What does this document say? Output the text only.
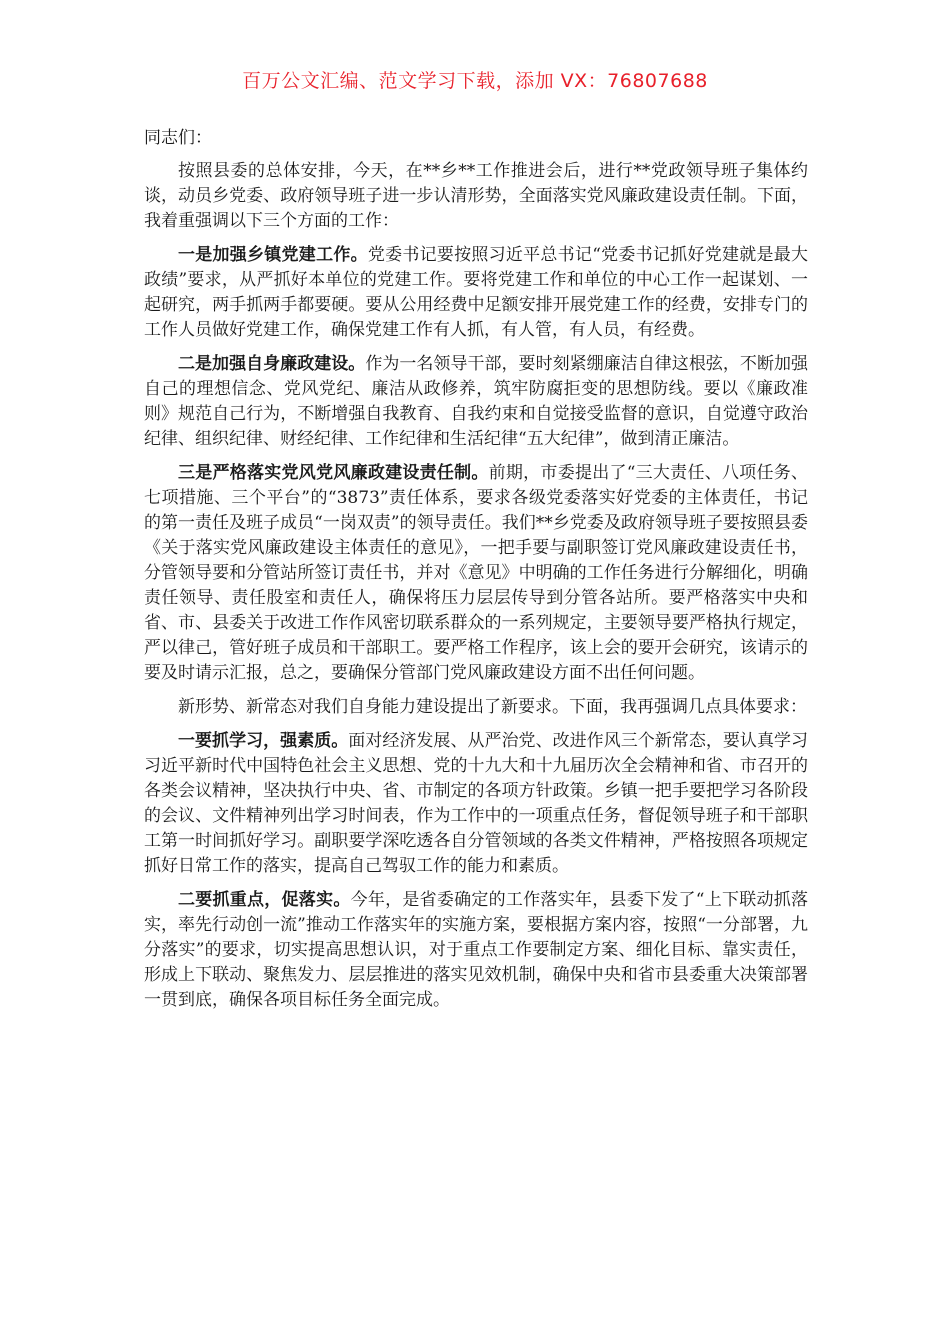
百万公文汇编、范文学习下载，添加 VX：76807688

同志们：

按照县委的总体安排，今天，在**乡**工作推进会后，进行**党政领导班子集体约谈，动员乡党委、政府领导班子进一步认清形势，全面落实党风廉政建设责任制。下面，我着重强调以下三个方面的工作：

一是加强乡镇党建工作。党委书记要按照习近平总书记“党委书记抓好党建就是最大政绩”要求，从严抓好本单位的党建工作。要将党建工作和单位的中心工作一起谋划、一起研究，两手抓两手都要硬。要从公用经费中足额安排开展党建工作的经费，安排专门的工作人员做好党建工作，确保党建工作有人抓，有人管，有人员，有经费。

二是加强自身廉政建设。作为一名领导干部，要时刻紧绷廉洁自律这根弦，不断加强自己的理想信念、党风党纪、廉洁从政修养，筑牢防腐拒变的思想防线。要以《廉政准则》规范自己行为，不断增强自我教育、自我约束和自觉接受监督的意识，自觉遵守政治纪律、组织纪律、财经纪律、工作纪律和生活纪律“五大纪律”，做到清正廉洁。

三是严格落实党风党风廉政建设责任制。前期，市委提出了“三大责任、八项任务、七项措施、三个平台”的“3873”责任体系，要求各级党委落实好党委的主体责任，书记的第一责任及班子成员“一岗双责”的领导责任。我们**乡党委及政府领导班子要按照县委《关于落实党风廉政建设主体责任的意见》，一把手要与副职签订党风廉政建设责任书，分管领导要和分管站所签订责任书，并对《意见》中明确的工作任务进行分解细化，明确责任领导、责任股室和责任人，确保将压力层层传导到分管各站所。要严格落实中央和省、市、县委关于改进工作作风密切联系群众的一系列规定，主要领导要严格执行规定，严以律己，管好班子成员和干部职工。要严格工作程序，该上会的要开会研究，该请示的要及时请示汇报，总之，要确保分管部门党风廉政建设方面不出任何问题。

新形势、新常态对我们自身能力建设提出了新要求。下面，我再强调几点具体要求：

一要抓学习，强素质。面对经济发展、从严治党、改进作风三个新常态，要认真学习习近平新时代中国特色社会主义思想、党的十九大和十九届历次全会精神和省、市召开的各类会议精神，坚决执行中央、省、市制定的各项方针政策。乡镇一把手要把学习各阶段的会议、文件精神列出学习时间表，作为工作中的一项重点任务，督促领导班子和干部职工第一时间抓好学习。副职要学深吃透各自分管领域的各类文件精神，严格按照各项规定抓好日常工作的落实，提高自己驾驭工作的能力和素质。

二要抓重点，促落实。今年，是省委确定的工作落实年，县委下发了“上下联动抓落实，率先行动创一流”推动工作落实年的实施方案，要根据方案内容，按照“一分部署，九分落实”的要求，切实提高思想认识，对于重点工作要制定方案、细化目标、靠实责任，形成上下联动、聚焦发力、层层推进的落实见效机制，确保中央和省市县委重大决策部署一贯到底，确保各项目标任务全面完成。
